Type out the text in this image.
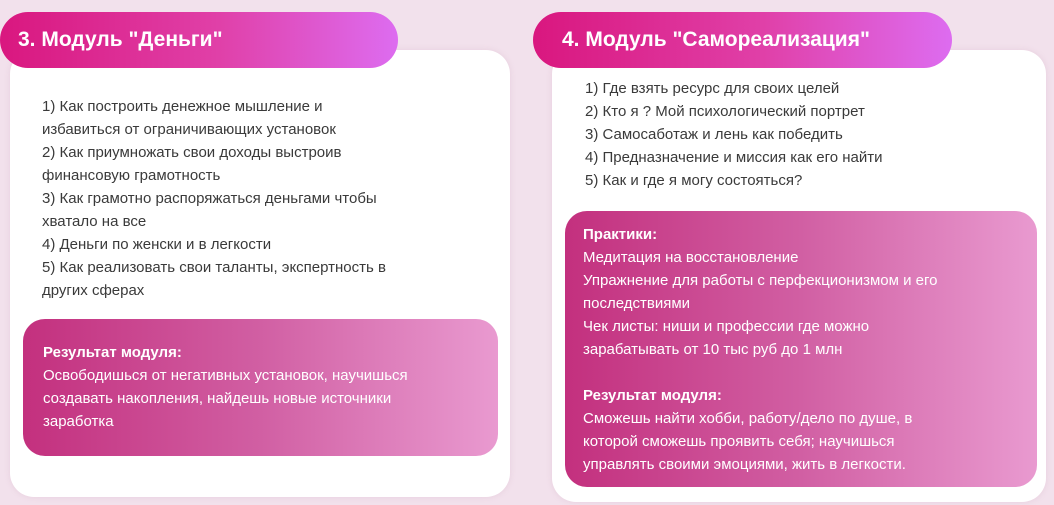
3. Модуль "Деньги"
1) Как построить денежное мышление и
избавиться от ограничивающих установок
2) Как приумножать свои доходы выстроив
финансовую грамотность
3) Как грамотно распоряжаться деньгами чтобы
хватало на все
4) Деньги по женски и в легкости
5) Как реализовать свои таланты, экспертность в
других сферах
Результат модуля:
Освободишься от негативных установок, научишься
создавать накопления, найдешь новые источники
заработка
4. Модуль "Самореализация"
1) Где взять ресурс для своих целей
2) Кто я ? Мой психологический портрет
3) Самосаботаж и лень как победить
4) Предназначение и миссия как его найти
5) Как и где я могу состояться?
Практики:
Медитация на восстановление
Упражнение для работы с перфекционизмом и его
последствиями
Чек листы: ниши и профессии где можно
зарабатывать от 10 тыс руб до 1 млн
Результат модуля:
Сможешь найти хобби, работу/дело по душе, в
которой сможешь проявить себя; научишься
управлять своими эмоциями, жить в легкости.
